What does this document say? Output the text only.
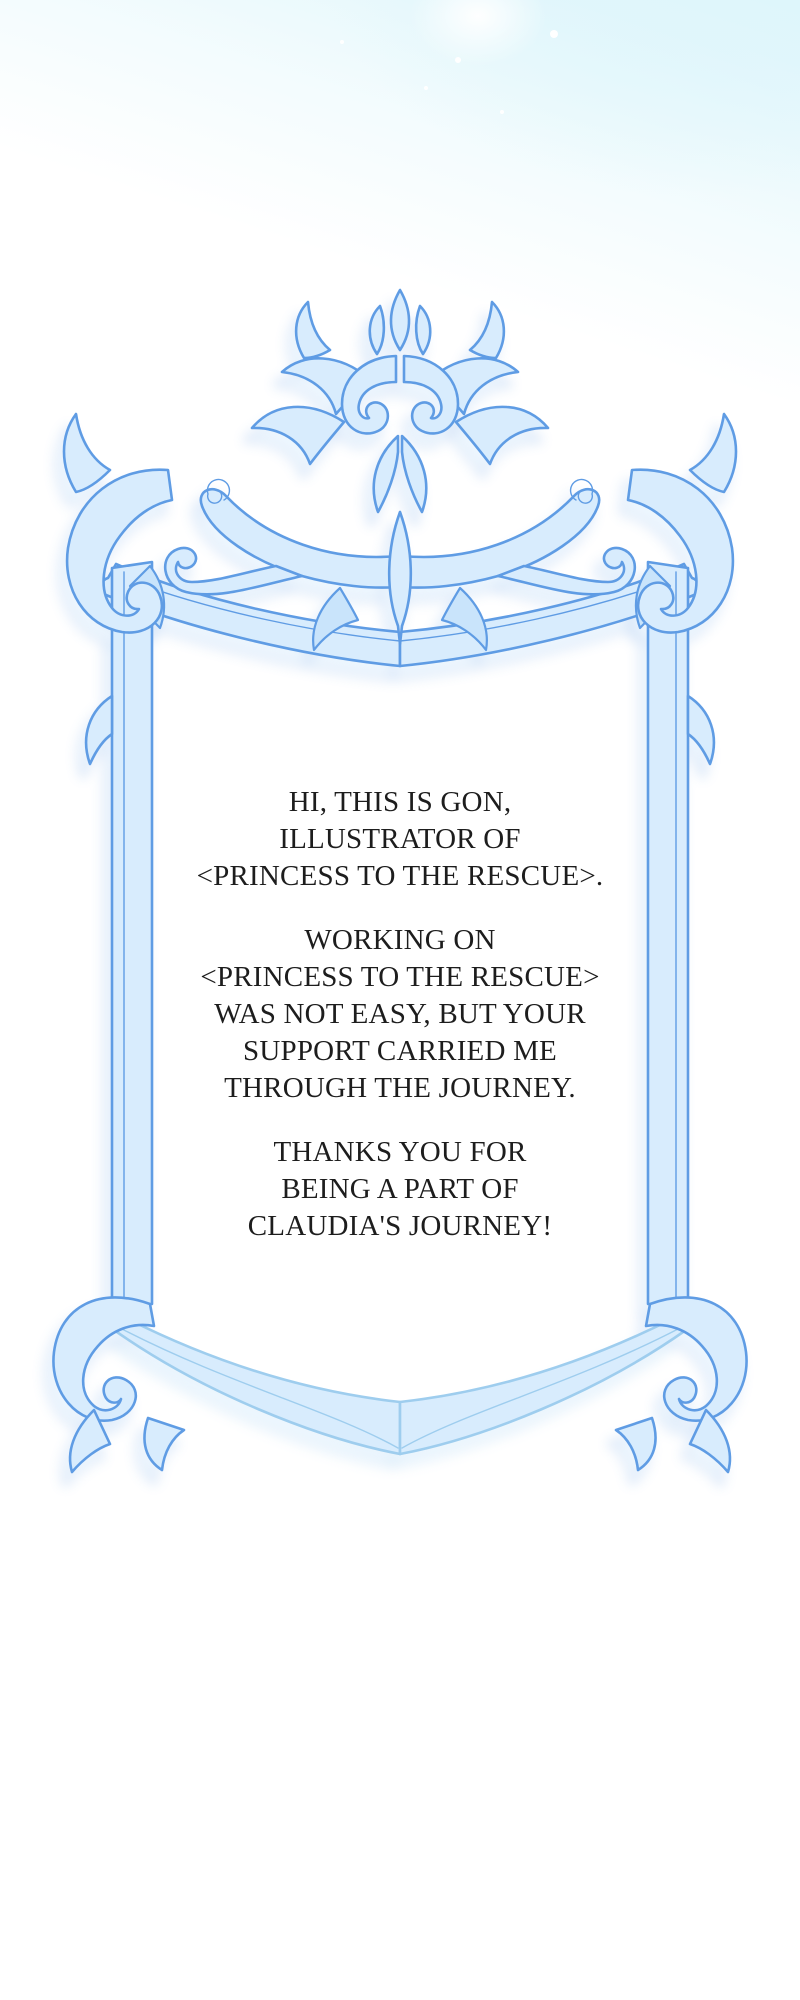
HI, THIS IS GON,
ILLUSTRATOR OF
<PRINCESS TO THE RESCUE>.

WORKING ON
<PRINCESS TO THE RESCUE>
WAS NOT EASY, BUT YOUR
SUPPORT CARRIED ME
THROUGH THE JOURNEY.

THANKS YOU FOR
BEING A PART OF
CLAUDIA'S JOURNEY!
